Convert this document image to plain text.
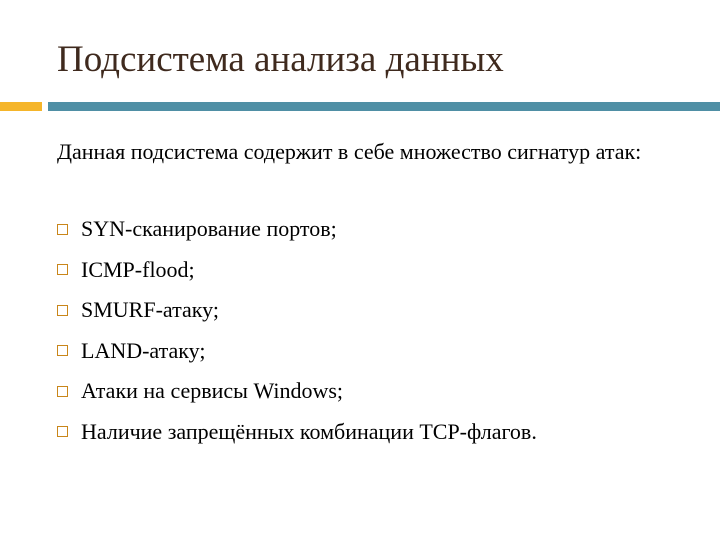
Подсистема анализа данных
Данная подсистема содержит в себе множество сигнатур атак:
SYN-сканирование портов;
ICMP-flood;
SMURF-атаку;
LAND-атаку;
Атаки на сервисы Windows;
Наличие запрещённых комбинации TCP-флагов.
